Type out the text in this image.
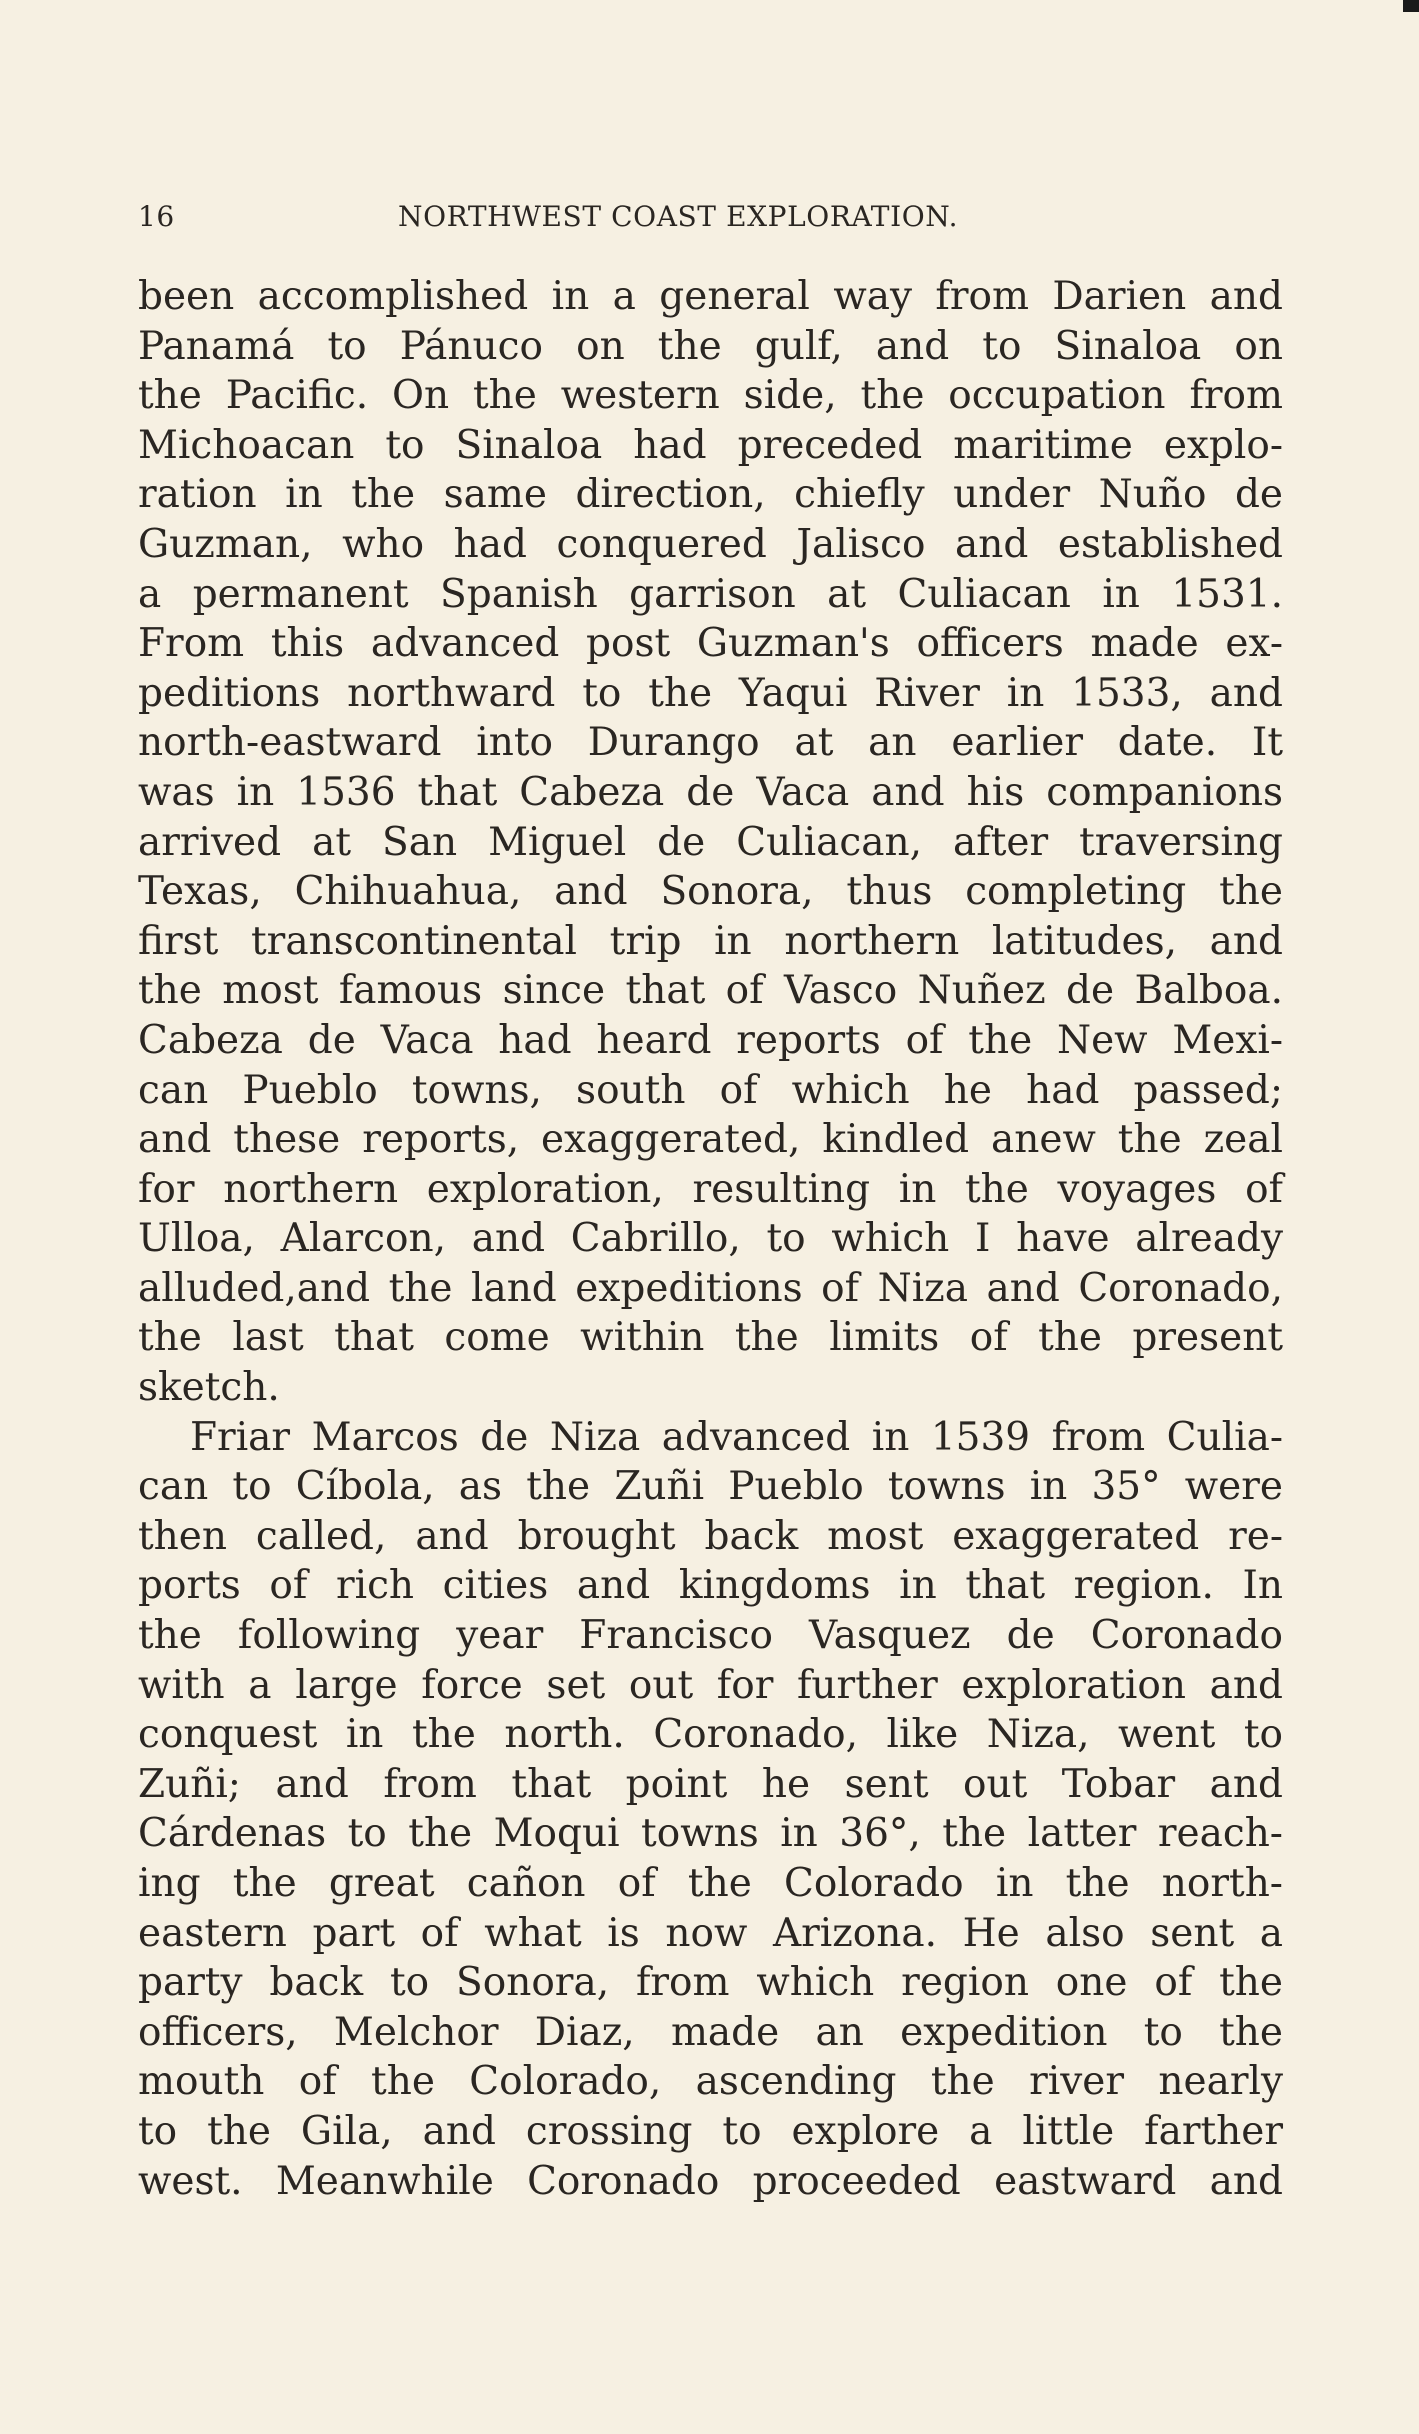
16	NORTHWEST COAST EXPLORATION.
been accomplished in a general way from Darien and
Panamá to Pánuco on the gulf, and to Sinaloa on
the Pacific. On the western side, the occupation from
Michoacan to Sinaloa had preceded maritime explo-
ration in the same direction, chiefly under Nuño de
Guzman, who had conquered Jalisco and established
a permanent Spanish garrison at Culiacan in 1531.
From this advanced post Guzman's officers made ex-
peditions northward to the Yaqui River in 1533, and
north-eastward into Durango at an earlier date. It
was in 1536 that Cabeza de Vaca and his companions
arrived at San Miguel de Culiacan, after traversing
Texas, Chihuahua, and Sonora, thus completing the
first transcontinental trip in northern latitudes, and
the most famous since that of Vasco Nuñez de Balboa.
Cabeza de Vaca had heard reports of the New Mexi-
can Pueblo towns, south of which he had passed;
and these reports, exaggerated, kindled anew the zeal
for northern exploration, resulting in the voyages of
Ulloa, Alarcon, and Cabrillo, to which I have already
alluded,and the land expeditions of Niza and Coronado,
the last that come within the limits of the present
sketch.
Friar Marcos de Niza advanced in 1539 from Culia-
can to Cíbola, as the Zuñi Pueblo towns in 35° were
then called, and brought back most exaggerated re-
ports of rich cities and kingdoms in that region. In
the following year Francisco Vasquez de Coronado
with a large force set out for further exploration and
conquest in the north. Coronado, like Niza, went to
Zuñi; and from that point he sent out Tobar and
Cárdenas to the Moqui towns in 36°, the latter reach-
ing the great cañon of the Colorado in the north-
eastern part of what is now Arizona. He also sent a
party back to Sonora, from which region one of the
officers, Melchor Diaz, made an expedition to the
mouth of the Colorado, ascending the river nearly
to the Gila, and crossing to explore a little farther
west. Meanwhile Coronado proceeded eastward and
